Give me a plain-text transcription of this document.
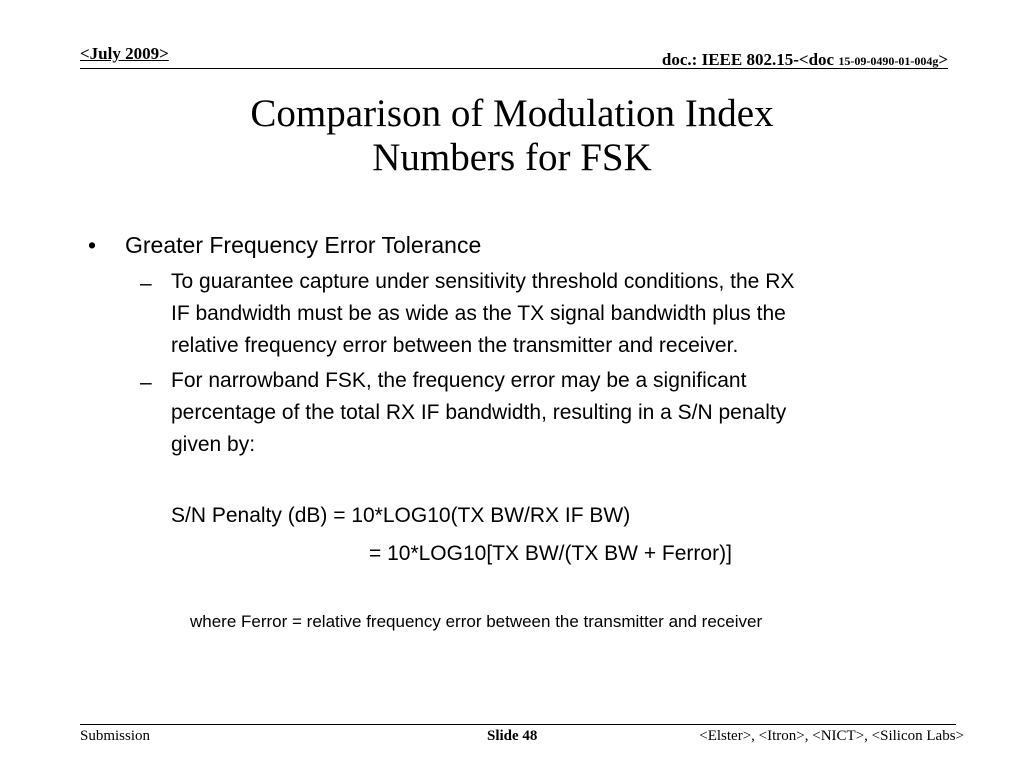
<July 2009>	doc.: IEEE 802.15-<doc 15-09-0490-01-004g>
Comparison of Modulation Index
Numbers for FSK
• Greater Frequency Error Tolerance
– To guarantee capture under sensitivity threshold conditions, the RX
IF bandwidth must be as wide as the TX signal bandwidth plus the
relative frequency error between the transmitter and receiver.
– For narrowband FSK, the frequency error may be a significant
percentage of the total RX IF bandwidth, resulting in a S/N penalty
given by:
S/N Penalty (dB) = 10*LOG10(TX BW/RX IF BW)
= 10*LOG10[TX BW/(TX BW + Ferror)]
where Ferror = relative frequency error between the transmitter and receiver
Submission	Slide 48	<Elster>, <Itron>, <NICT>, <Silicon Labs>
